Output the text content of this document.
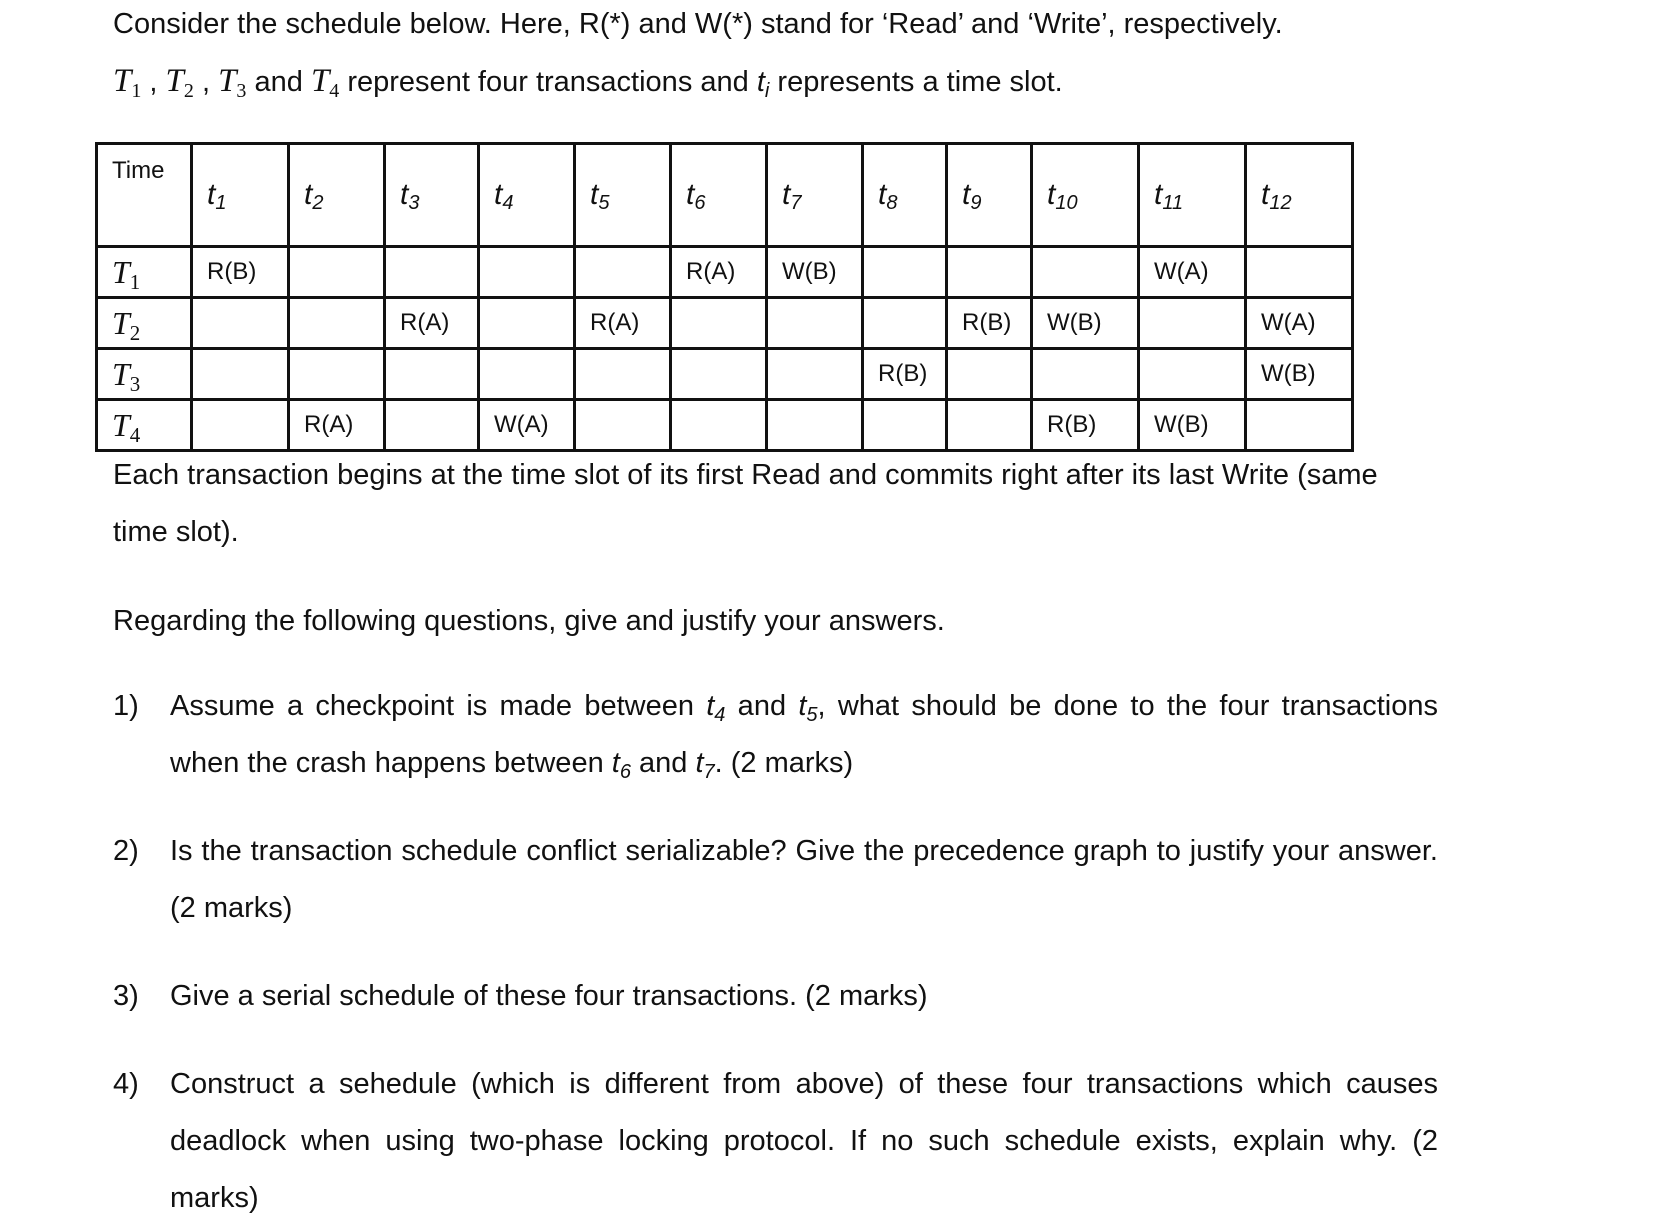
Consider the schedule below. Here, R(*) and W(*) stand for ‘Read’ and ‘Write’, respectively.
$T_1$ , $T_2$ , $T_3$ and $T_4$ represent four transactions and $t_i$ represents a time slot.

Time	$t_1$	$t_2$	$t_3$	$t_4$	$t_5$	$t_6$	$t_7$	$t_8$	$t_9$	$t_{10}$	$t_{11}$	$t_{12}$
$T_1$	R(B)					R(A)	W(B)				W(A)	
$T_2$			R(A)		R(A)				R(B)	W(B)		W(A)
$T_3$								R(B)				W(B)
$T_4$		R(A)		W(A)						R(B)	W(B)	

Each transaction begins at the time slot of its first Read and commits right after its last Write (same time slot).

Regarding the following questions, give and justify your answers.

1) Assume a checkpoint is made between $t_4$ and $t_5$, what should be done to the four transactions when the crash happens between $t_6$ and $t_7$. (2 marks)
2) Is the transaction schedule conflict serializable? Give the precedence graph to justify your answer. (2 marks)
3) Give a serial schedule of these four transactions. (2 marks)
4) Construct a sehedule (which is different from above) of these four transactions which causes deadlock when using two-phase locking protocol. If no such schedule exists, explain why. (2 marks)
